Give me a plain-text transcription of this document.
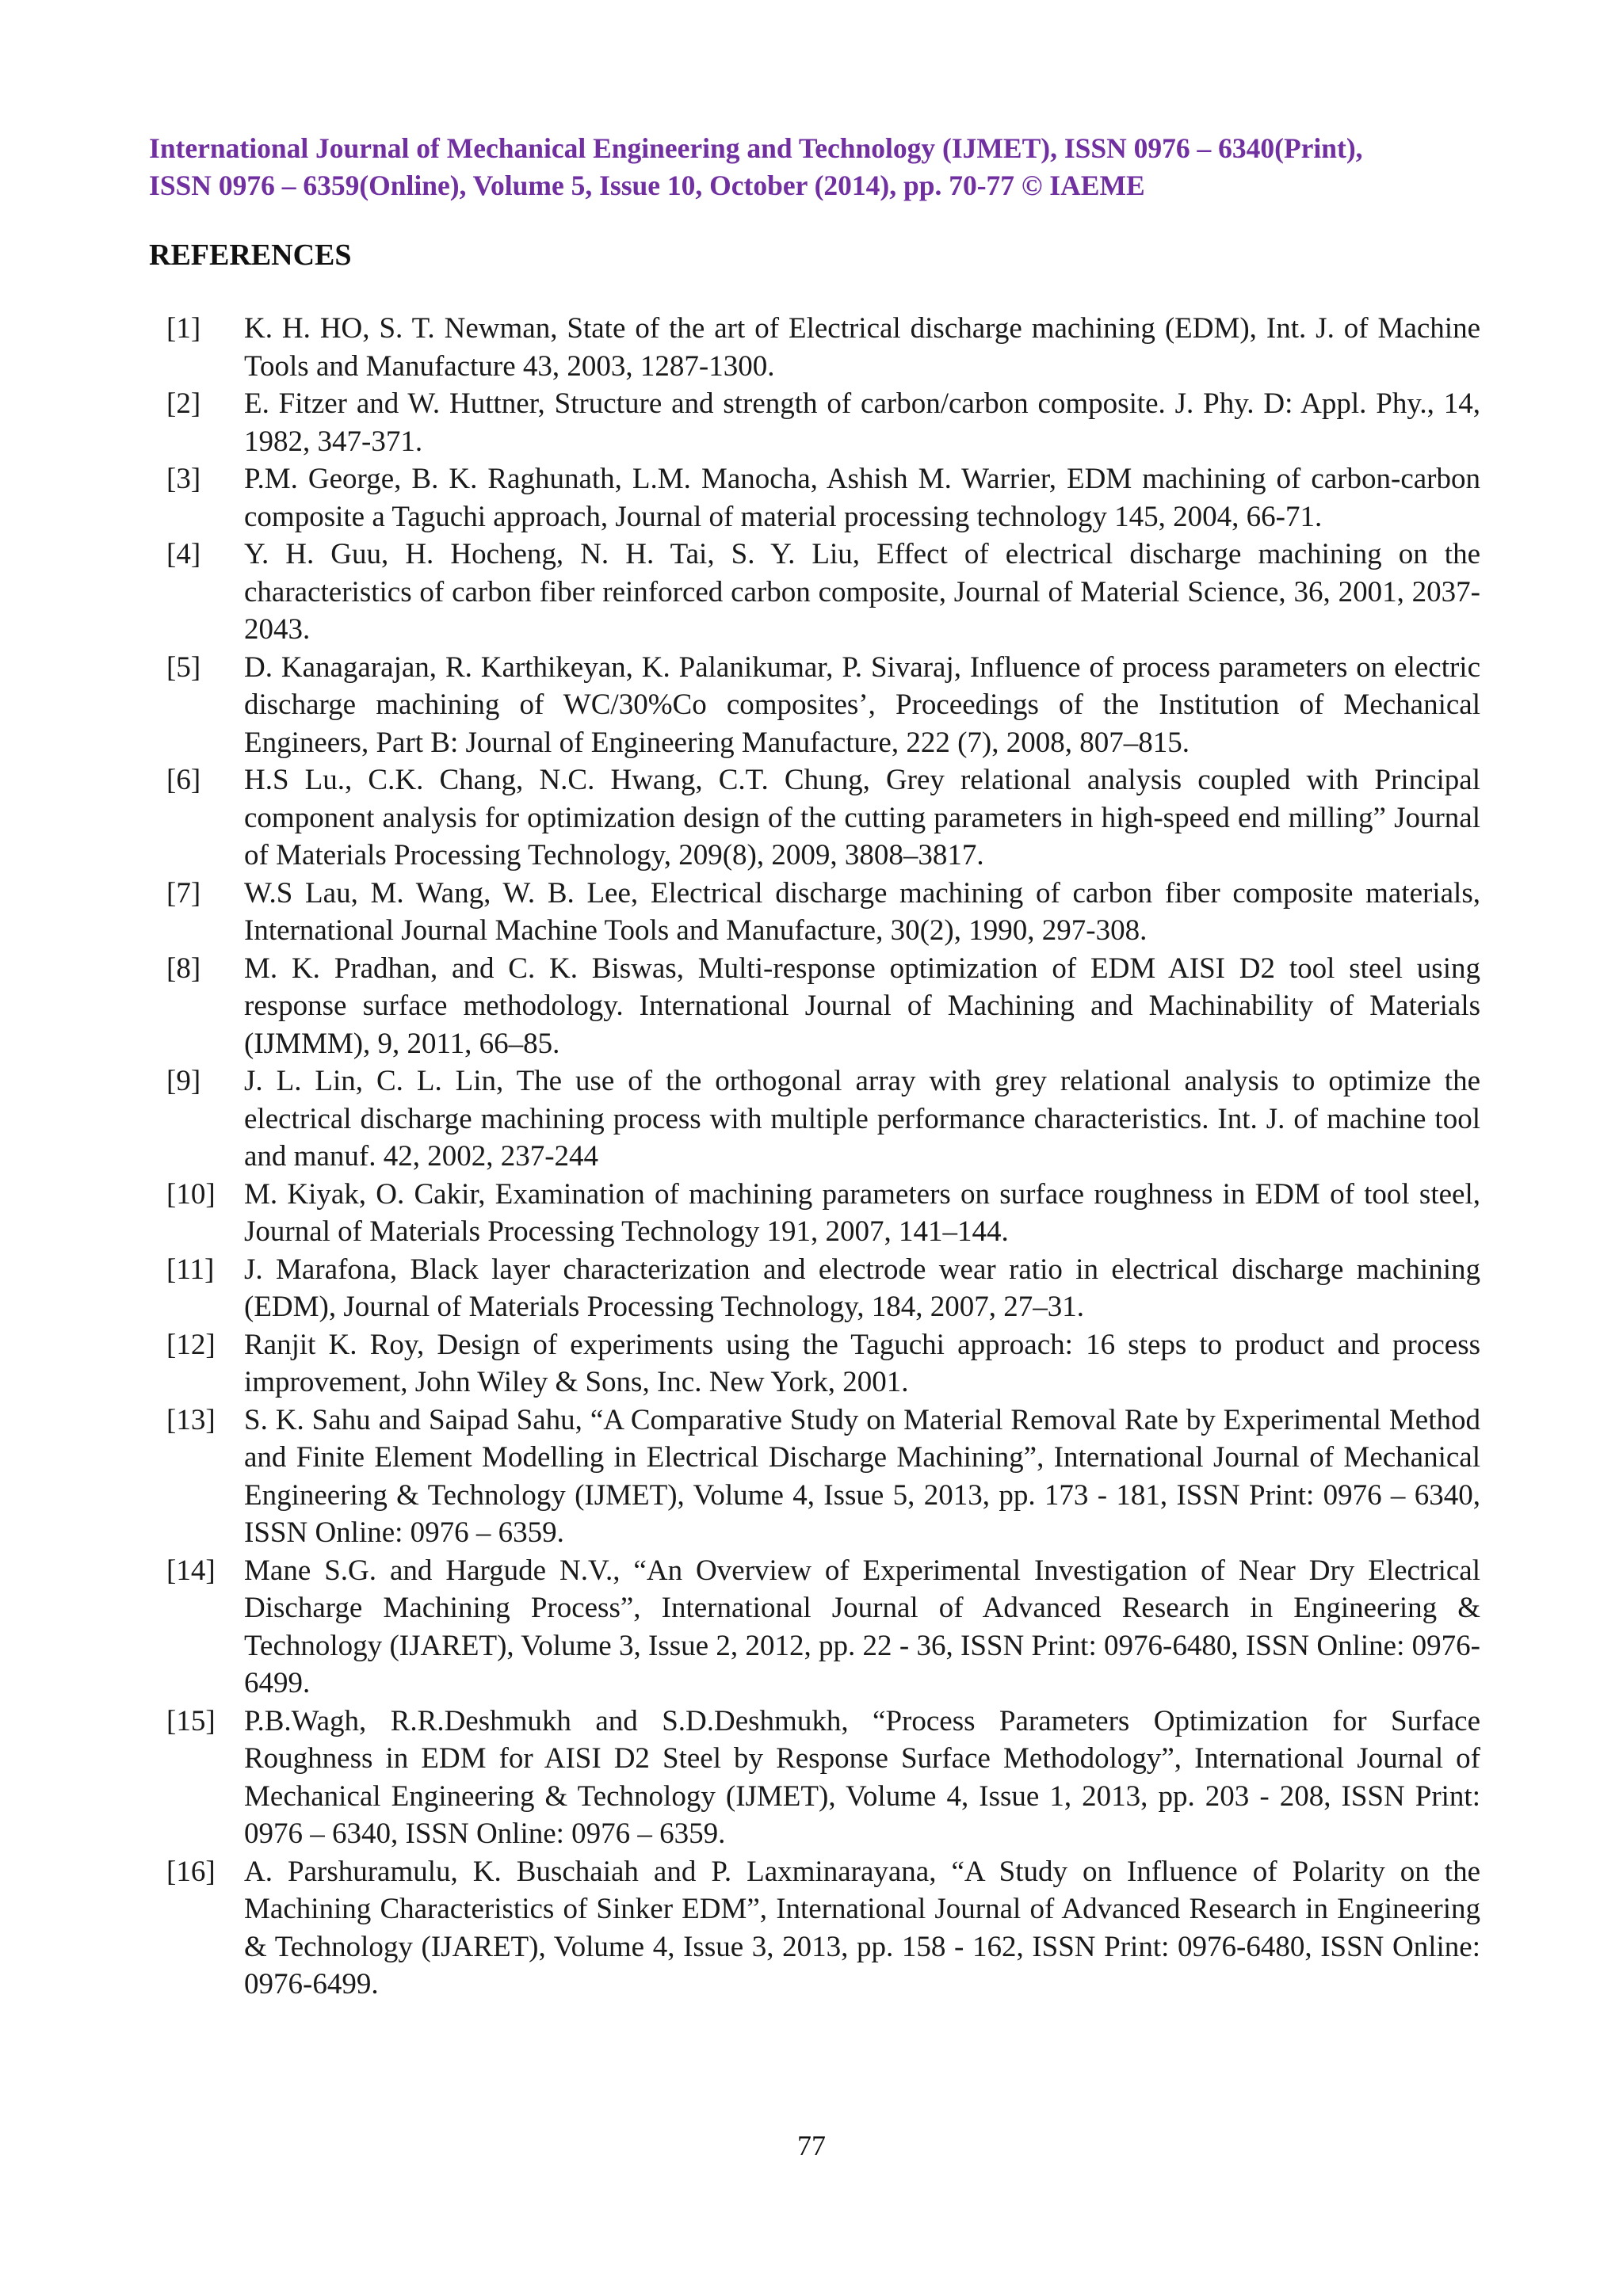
International Journal of Mechanical Engineering and Technology (IJMET), ISSN 0976 – 6340(Print),
ISSN 0976 – 6359(Online), Volume 5, Issue 10, October (2014), pp. 70-77 © IAEME
REFERENCES
[1]	K. H. HO, S. T. Newman, State of the art of Electrical discharge machining (EDM), Int. J. of Machine Tools and Manufacture 43, 2003, 1287-1300.
[2]	E. Fitzer and W. Huttner, Structure and strength of carbon/carbon composite. J. Phy. D: Appl. Phy., 14, 1982, 347-371.
[3]	P.M. George, B. K. Raghunath, L.M. Manocha, Ashish M. Warrier, EDM machining of carbon-carbon composite a Taguchi approach, Journal of material processing technology 145, 2004, 66-71.
[4]	Y. H. Guu, H. Hocheng, N. H. Tai, S. Y. Liu, Effect of electrical discharge machining on the characteristics of carbon fiber reinforced carbon composite, Journal of Material Science, 36, 2001, 2037-2043.
[5]	D. Kanagarajan, R. Karthikeyan, K. Palanikumar, P. Sivaraj, Influence of process parameters on electric discharge machining of WC/30%Co composites’, Proceedings of the Institution of Mechanical Engineers, Part B: Journal of Engineering Manufacture, 222 (7), 2008, 807–815.
[6]	H.S Lu., C.K. Chang, N.C. Hwang, C.T. Chung, Grey relational analysis coupled with Principal component analysis for optimization design of the cutting parameters in high-speed end milling” Journal of Materials Processing Technology, 209(8), 2009, 3808–3817.
[7]	W.S Lau, M. Wang, W. B. Lee, Electrical discharge machining of carbon fiber composite materials, International Journal Machine Tools and Manufacture, 30(2), 1990, 297-308.
[8]	M. K. Pradhan, and C. K. Biswas, Multi-response optimization of EDM AISI D2 tool steel using response surface methodology. International Journal of Machining and Machinability of Materials (IJMMM), 9, 2011, 66–85.
[9]	J. L. Lin, C. L. Lin, The use of the orthogonal array with grey relational analysis to optimize the electrical discharge machining process with multiple performance characteristics. Int. J. of machine tool and manuf. 42, 2002, 237-244
[10] M. Kiyak, O. Cakir, Examination of machining parameters on surface roughness in EDM of tool steel, Journal of Materials Processing Technology 191, 2007, 141–144.
[11]	J. Marafona, Black layer characterization and electrode wear ratio in electrical discharge machining (EDM), Journal of Materials Processing Technology, 184, 2007, 27–31.
[12] Ranjit K. Roy, Design of experiments using the Taguchi approach: 16 steps to product and process improvement, John Wiley & Sons, Inc. New York, 2001.
[13] S. K. Sahu and Saipad Sahu, “A Comparative Study on Material Removal Rate by Experimental Method and Finite Element Modelling in Electrical Discharge Machining”, International Journal of Mechanical Engineering & Technology (IJMET), Volume 4, Issue 5, 2013, pp. 173 - 181, ISSN Print: 0976 – 6340, ISSN Online: 0976 – 6359.
[14] Mane S.G. and Hargude N.V., “An Overview of Experimental Investigation of Near Dry Electrical Discharge Machining Process”, International Journal of Advanced Research in Engineering & Technology (IJARET), Volume 3, Issue 2, 2012, pp. 22 - 36, ISSN Print: 0976-6480, ISSN Online: 0976-6499.
[15] P.B.Wagh, R.R.Deshmukh and S.D.Deshmukh, “Process Parameters Optimization for Surface Roughness in EDM for AISI D2 Steel by Response Surface Methodology”, International Journal of Mechanical Engineering & Technology (IJMET), Volume 4, Issue 1, 2013, pp. 203 - 208, ISSN Print: 0976 – 6340, ISSN Online: 0976 – 6359.
[16] A. Parshuramulu, K. Buschaiah and P. Laxminarayana, “A Study on Influence of Polarity on the Machining Characteristics of Sinker EDM”, International Journal of Advanced Research in Engineering & Technology (IJARET), Volume 4, Issue 3, 2013, pp. 158 - 162, ISSN Print: 0976-6480, ISSN Online: 0976-6499.
77
